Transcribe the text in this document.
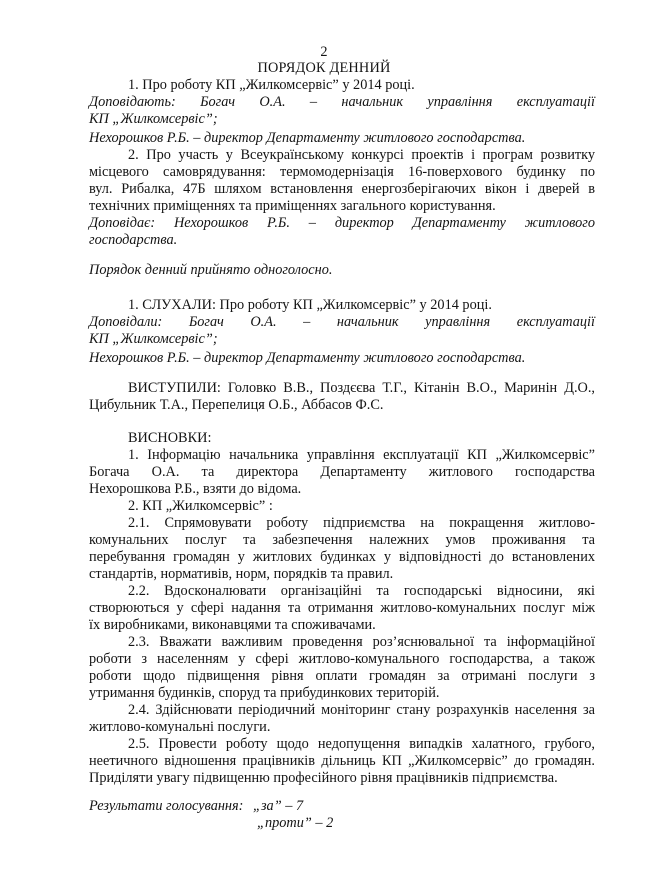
2
ПОРЯДОК ДЕННИЙ
1. Про роботу КП „Жилкомсервіс” у 2014 році.
Доповідають: Богач О.А. – начальник управління експлуатації
КП „Жилкомсервіс”;
Нехорошков Р.Б. – директор Департаменту житлового господарства.
2. Про участь у Всеукраїнському конкурсі проектів і програм розвитку
місцевого самоврядування: термомодернізація 16-поверхового будинку по
вул. Рибалка, 47Б шляхом встановлення енергозберігаючих вікон і дверей в
технічних приміщеннях та приміщеннях загального користування.
Доповідає: Нехорошков Р.Б. – директор Департаменту житлового
господарства.
Порядок денний прийнято одноголосно.
1. СЛУХАЛИ: Про роботу КП „Жилкомсервіс” у 2014 році.
Доповідали: Богач О.А. – начальник управління експлуатації
КП „Жилкомсервіс”;
Нехорошков Р.Б. – директор Департаменту житлового господарства.
ВИСТУПИЛИ: Головко В.В., Поздєєва Т.Г., Кітанін В.О., Маринін Д.О.,
Цибульник Т.А., Перепелиця О.Б., Аббасов Ф.С.
ВИСНОВКИ:
1. Інформацію начальника управління експлуатації КП „Жилкомсервіс”
Богача О.А. та директора Департаменту житлового господарства
Нехорошкова Р.Б., взяти до відома.
2. КП „Жилкомсервіс” :
2.1. Спрямовувати роботу підприємства на покращення житлово-
комунальних послуг та забезпечення належних умов проживання та
перебування громадян у житлових будинках у відповідності до встановлених
стандартів, нормативів, норм, порядків та правил.
2.2. Вдосконалювати організаційні та господарські відносини, які
створюються у сфері надання та отримання житлово-комунальних послуг між
їх виробниками, виконавцями та споживачами.
2.3. Вважати важливим проведення роз’яснювальної та інформаційної
роботи з населенням у сфері житлово-комунального господарства, а також
роботи щодо підвищення рівня оплати громадян за отримані послуги з
утримання будинків, споруд та прибудинкових територій.
2.4. Здійснювати періодичний моніторинг стану розрахунків населення за
житлово-комунальні послуги.
2.5. Провести роботу щодо недопущення випадків халатного, грубого,
неетичного відношення працівників дільниць КП „Жилкомсервіс” до громадян.
Приділяти увагу підвищенню професійного рівня працівників підприємства.
Результати голосування: „за” – 7
„проти” – 2
